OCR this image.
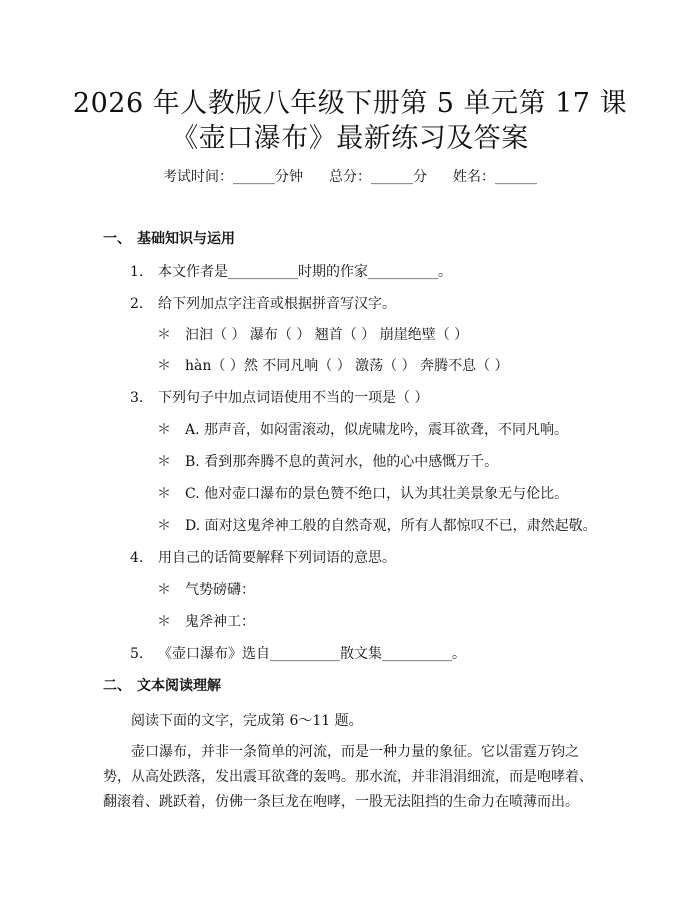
2026 年人教版八年级下册第 5 单元第 17 课
《壶口瀑布》最新练习及答案
考试时间：______分钟 总分：______分 姓名：______
一、 基础知识与运用
1. 本文作者是__________时期的作家__________。
2. 给下列加点字注音或根据拼音写汉字。
＊ 汩汩（ ） 瀑布（ ） 翘首（ ） 崩崖绝壁（ ）
＊ hàn（ ）然 不同凡响（ ） 激荡（ ） 奔腾不息（ ）
3. 下列句子中加点词语使用不当的一项是（ ）
＊ A. 那声音，如闷雷滚动，似虎啸龙吟，震耳欲聋，不同凡响。
＊ B. 看到那奔腾不息的黄河水，他的心中感慨万千。
＊ C. 他对壶口瀑布的景色赞不绝口，认为其壮美景象无与伦比。
＊ D. 面对这鬼斧神工般的自然奇观，所有人都惊叹不已，肃然起敬。
4. 用自己的话简要解释下列词语的意思。
＊ 气势磅礴：
＊ 鬼斧神工：
5. 《壶口瀑布》选自__________散文集__________。
二、 文本阅读理解
阅读下面的文字，完成第 6～11 题。
壶口瀑布，并非一条简单的河流，而是一种力量的象征。它以雷霆万钧之势，从高处跌落，发出震耳欲聋的轰鸣。那水流，并非涓涓细流，而是咆哮着、翻滚着、跳跃着，仿佛一条巨龙在咆哮，一股无法阻挡的生命力在喷薄而出。
